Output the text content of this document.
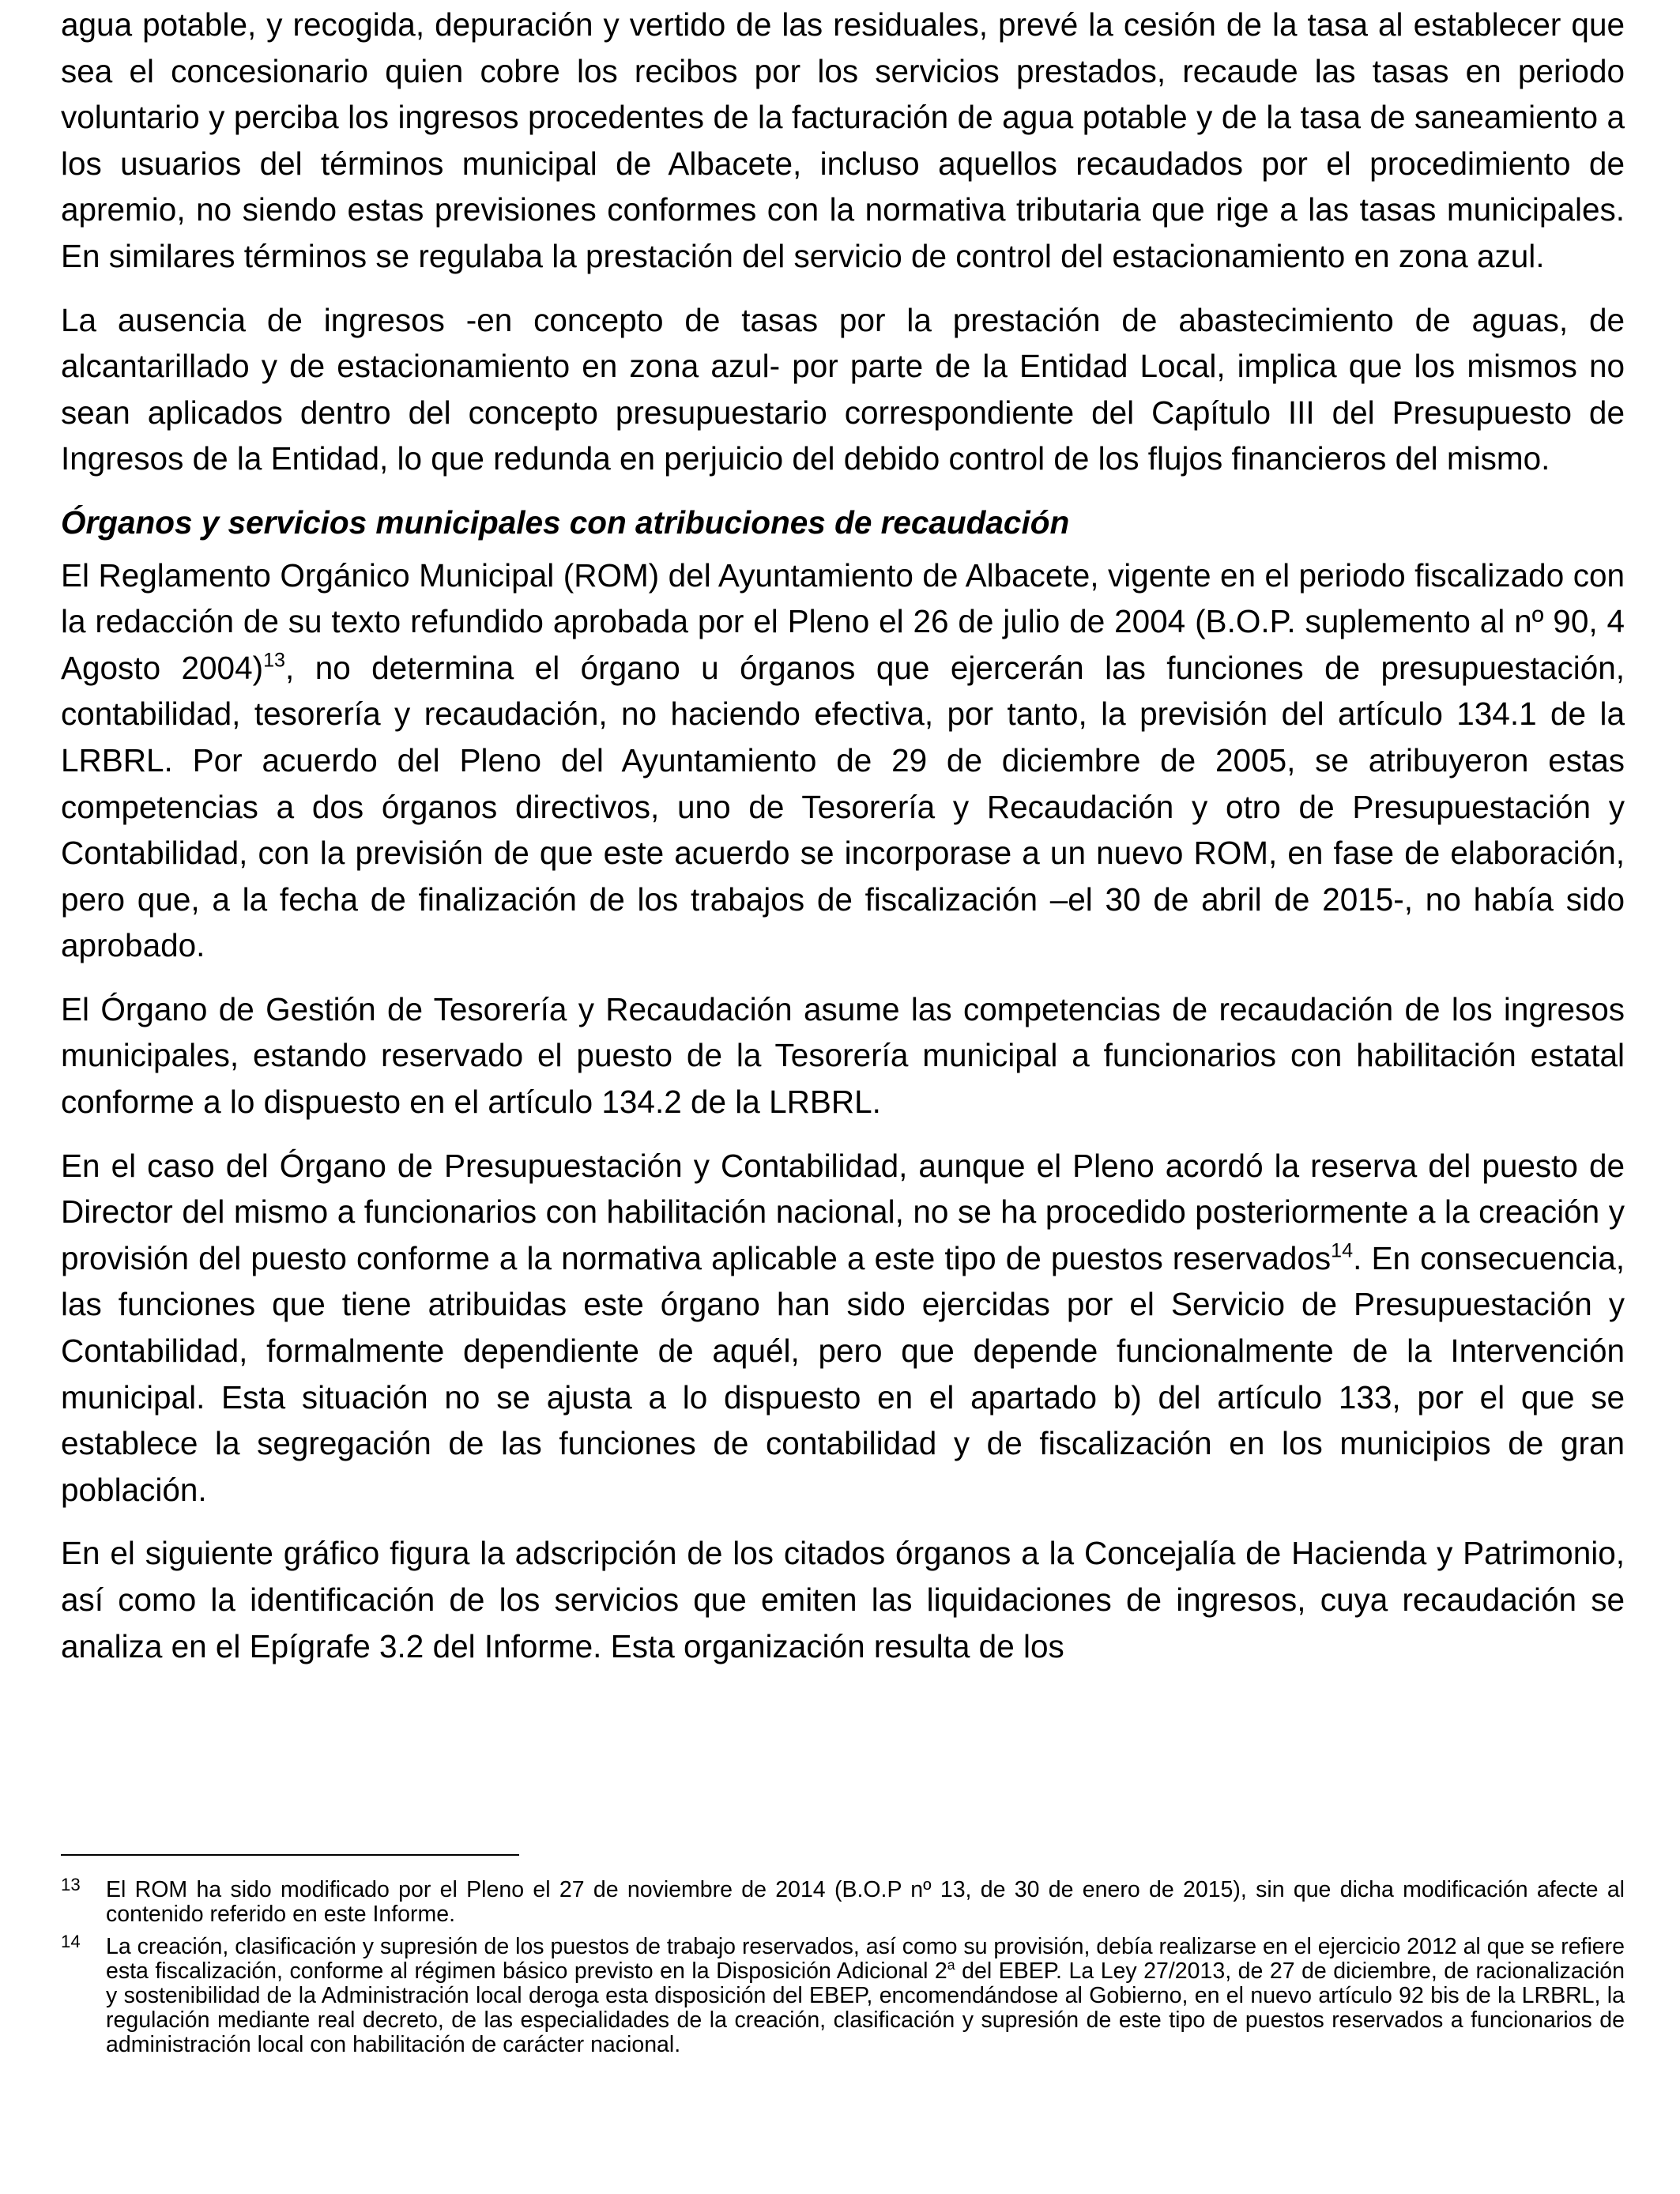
agua potable, y recogida, depuración y vertido de las residuales, prevé la cesión de la tasa al establecer que sea el concesionario quien cobre los recibos por los servicios prestados, recaude las tasas en periodo voluntario y perciba los ingresos procedentes de la facturación de agua potable y de la tasa de saneamiento a los usuarios del términos municipal de Albacete, incluso aquellos recaudados por el procedimiento de apremio, no siendo estas previsiones conformes con la normativa tributaria que rige a las tasas municipales. En similares términos se regulaba la prestación del servicio de control del estacionamiento en zona azul.

La ausencia de ingresos -en concepto de tasas por la prestación de abastecimiento de aguas, de alcantarillado y de estacionamiento en zona azul- por parte de la Entidad Local, implica que los mismos no sean aplicados dentro del concepto presupuestario correspondiente del Capítulo III del Presupuesto de Ingresos de la Entidad, lo que redunda en perjuicio del debido control de los flujos financieros del mismo.

Órganos y servicios municipales con atribuciones de recaudación

El Reglamento Orgánico Municipal (ROM) del Ayuntamiento de Albacete, vigente en el periodo fiscalizado con la redacción de su texto refundido aprobada por el Pleno el 26 de julio de 2004 (B.O.P. suplemento al nº 90, 4 Agosto 2004)$^{13}$, no determina el órgano u órganos que ejercerán las funciones de presupuestación, contabilidad, tesorería y recaudación, no haciendo efectiva, por tanto, la previsión del artículo 134.1 de la LRBRL. Por acuerdo del Pleno del Ayuntamiento de 29 de diciembre de 2005, se atribuyeron estas competencias a dos órganos directivos, uno de Tesorería y Recaudación y otro de Presupuestación y Contabilidad, con la previsión de que este acuerdo se incorporase a un nuevo ROM, en fase de elaboración, pero que, a la fecha de finalización de los trabajos de fiscalización –el 30 de abril de 2015-, no había sido aprobado.

El Órgano de Gestión de Tesorería y Recaudación asume las competencias de recaudación de los ingresos municipales, estando reservado el puesto de la Tesorería municipal a funcionarios con habilitación estatal conforme a lo dispuesto en el artículo 134.2 de la LRBRL.

En el caso del Órgano de Presupuestación y Contabilidad, aunque el Pleno acordó la reserva del puesto de Director del mismo a funcionarios con habilitación nacional, no se ha procedido posteriormente a la creación y provisión del puesto conforme a la normativa aplicable a este tipo de puestos reservados$^{14}$. En consecuencia, las funciones que tiene atribuidas este órgano han sido ejercidas por el Servicio de Presupuestación y Contabilidad, formalmente dependiente de aquél, pero que depende funcionalmente de la Intervención municipal. Esta situación no se ajusta a lo dispuesto en el apartado b) del artículo 133, por el que se establece la segregación de las funciones de contabilidad y de fiscalización en los municipios de gran población.

En el siguiente gráfico figura la adscripción de los citados órganos a la Concejalía de Hacienda y Patrimonio, así como la identificación de los servicios que emiten las liquidaciones de ingresos, cuya recaudación se analiza en el Epígrafe 3.2 del Informe. Esta organización resulta de los

13	El ROM ha sido modificado por el Pleno el 27 de noviembre de 2014 (B.O.P nº 13, de 30 de enero de 2015), sin que dicha modificación afecte al contenido referido en este Informe.
14	La creación, clasificación y supresión de los puestos de trabajo reservados, así como su provisión, debía realizarse en el ejercicio 2012 al que se refiere esta fiscalización, conforme al régimen básico previsto en la Disposición Adicional 2$^a$ del EBEP. La Ley 27/2013, de 27 de diciembre, de racionalización y sostenibilidad de la Administración local deroga esta disposición del EBEP, encomendándose al Gobierno, en el nuevo artículo 92 bis de la LRBRL, la regulación mediante real decreto, de las especialidades de la creación, clasificación y supresión de este tipo de puestos reservados a funcionarios de administración local con habilitación de carácter nacional.
